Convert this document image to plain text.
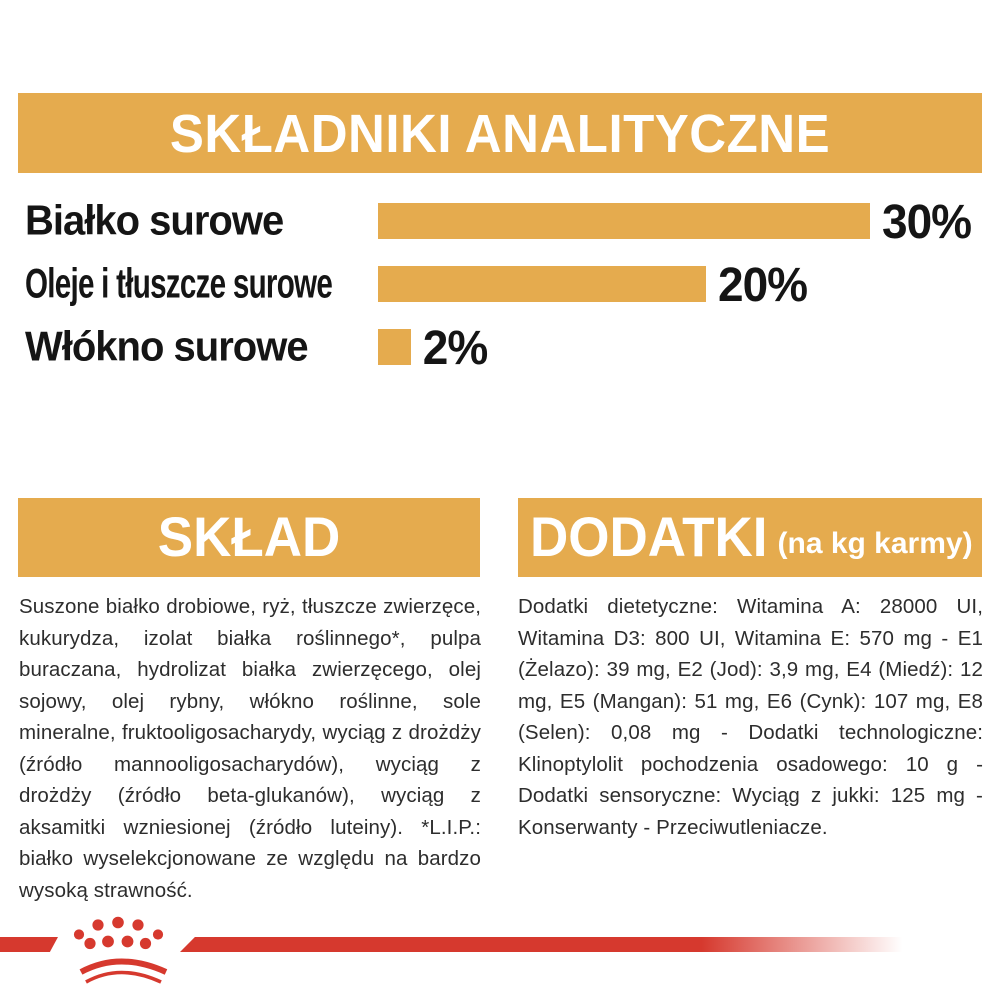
SKŁADNIKI ANALITYCZNE
Białko surowe	30%
Oleje i tłuszcze surowe	20%
Włókno surowe	2%
SKŁAD
Suszone białko drobiowe, ryż, tłuszcze zwierzęce, kukurydza, izolat białka roślinnego*, pulpa buraczana, hydrolizat białka zwierzęcego, olej sojowy, olej rybny, włókno roślinne, sole mineralne, fruktooligosacharydy, wyciąg z drożdży (źródło mannooligosacharydów), wyciąg z drożdży (źródło beta-glukanów), wyciąg z aksamitki wzniesionej (źródło luteiny). *L.I.P.: białko wyselekcjonowane ze względu na bardzo wysoką strawność.
DODATKI (na kg karmy)
Dodatki dietetyczne: Witamina A: 28000 UI, Witamina D3: 800 UI, Witamina E: 570 mg - E1 (Żelazo): 39 mg, E2 (Jod): 3,9 mg, E4 (Miedź): 12 mg, E5 (Mangan): 51 mg, E6 (Cynk): 107 mg, E8 (Selen): 0,08 mg - Dodatki technologiczne: Klinoptylolit pochodzenia osadowego: 10 g - Dodatki sensoryczne: Wyciąg z jukki: 125 mg - Konserwanty - Przeciwutleniacze.
